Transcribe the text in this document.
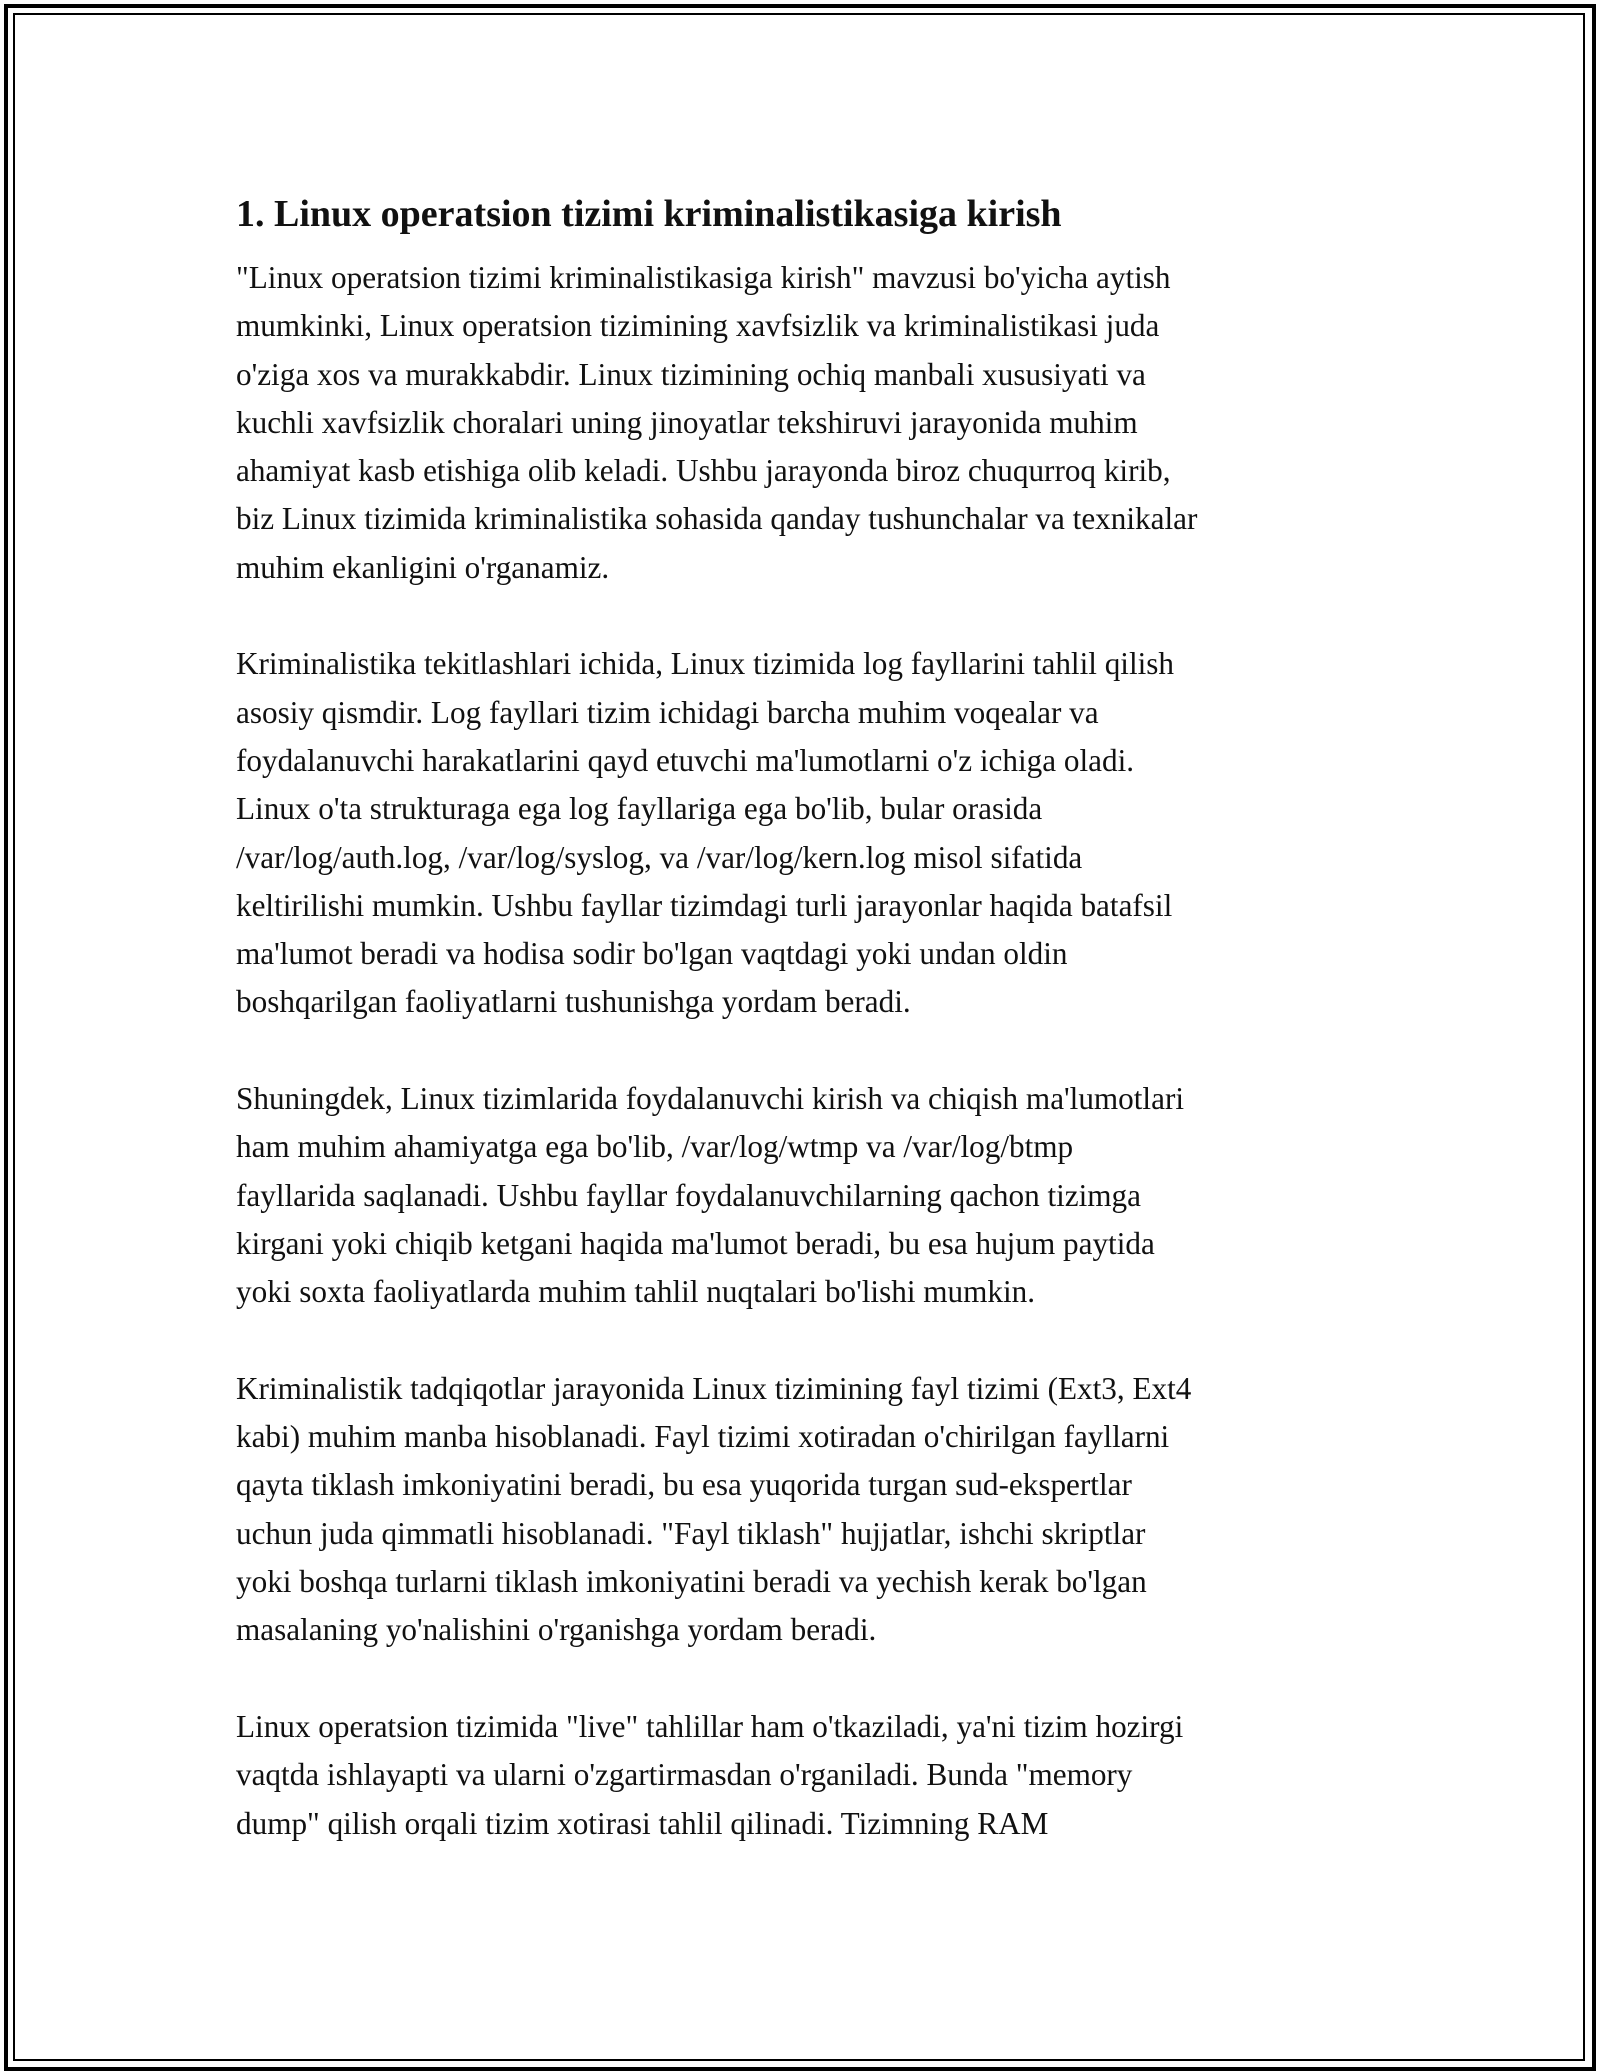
1. Linux operatsion tizimi kriminalistikasiga kirish

"Linux operatsion tizimi kriminalistikasiga kirish" mavzusi bo'yicha aytish
mumkinki, Linux operatsion tizimining xavfsizlik va kriminalistikasi juda
o'ziga xos va murakkabdir. Linux tizimining ochiq manbali xususiyati va
kuchli xavfsizlik choralari uning jinoyatlar tekshiruvi jarayonida muhim
ahamiyat kasb etishiga olib keladi. Ushbu jarayonda biroz chuqurroq kirib,
biz Linux tizimida kriminalistika sohasida qanday tushunchalar va texnikalar
muhim ekanligini o'rganamiz.

Kriminalistika tekitlashlari ichida, Linux tizimida log fayllarini tahlil qilish
asosiy qismdir. Log fayllari tizim ichidagi barcha muhim voqealar va
foydalanuvchi harakatlarini qayd etuvchi ma'lumotlarni o'z ichiga oladi.
Linux o'ta strukturaga ega log fayllariga ega bo'lib, bular orasida
/var/log/auth.log, /var/log/syslog, va /var/log/kern.log misol sifatida
keltirilishi mumkin. Ushbu fayllar tizimdagi turli jarayonlar haqida batafsil
ma'lumot beradi va hodisa sodir bo'lgan vaqtdagi yoki undan oldin
boshqarilgan faoliyatlarni tushunishga yordam beradi.

Shuningdek, Linux tizimlarida foydalanuvchi kirish va chiqish ma'lumotlari
ham muhim ahamiyatga ega bo'lib, /var/log/wtmp va /var/log/btmp
fayllarida saqlanadi. Ushbu fayllar foydalanuvchilarning qachon tizimga
kirgani yoki chiqib ketgani haqida ma'lumot beradi, bu esa hujum paytida
yoki soxta faoliyatlarda muhim tahlil nuqtalari bo'lishi mumkin.

Kriminalistik tadqiqotlar jarayonida Linux tizimining fayl tizimi (Ext3, Ext4
kabi) muhim manba hisoblanadi. Fayl tizimi xotiradan o'chirilgan fayllarni
qayta tiklash imkoniyatini beradi, bu esa yuqorida turgan sud-ekspertlar
uchun juda qimmatli hisoblanadi. "Fayl tiklash" hujjatlar, ishchi skriptlar
yoki boshqa turlarni tiklash imkoniyatini beradi va yechish kerak bo'lgan
masalaning yo'nalishini o'rganishga yordam beradi.

Linux operatsion tizimida "live" tahlillar ham o'tkaziladi, ya'ni tizim hozirgi
vaqtda ishlayapti va ularni o'zgartirmasdan o'rganiladi. Bunda "memory
dump" qilish orqali tizim xotirasi tahlil qilinadi. Tizimning RAM
